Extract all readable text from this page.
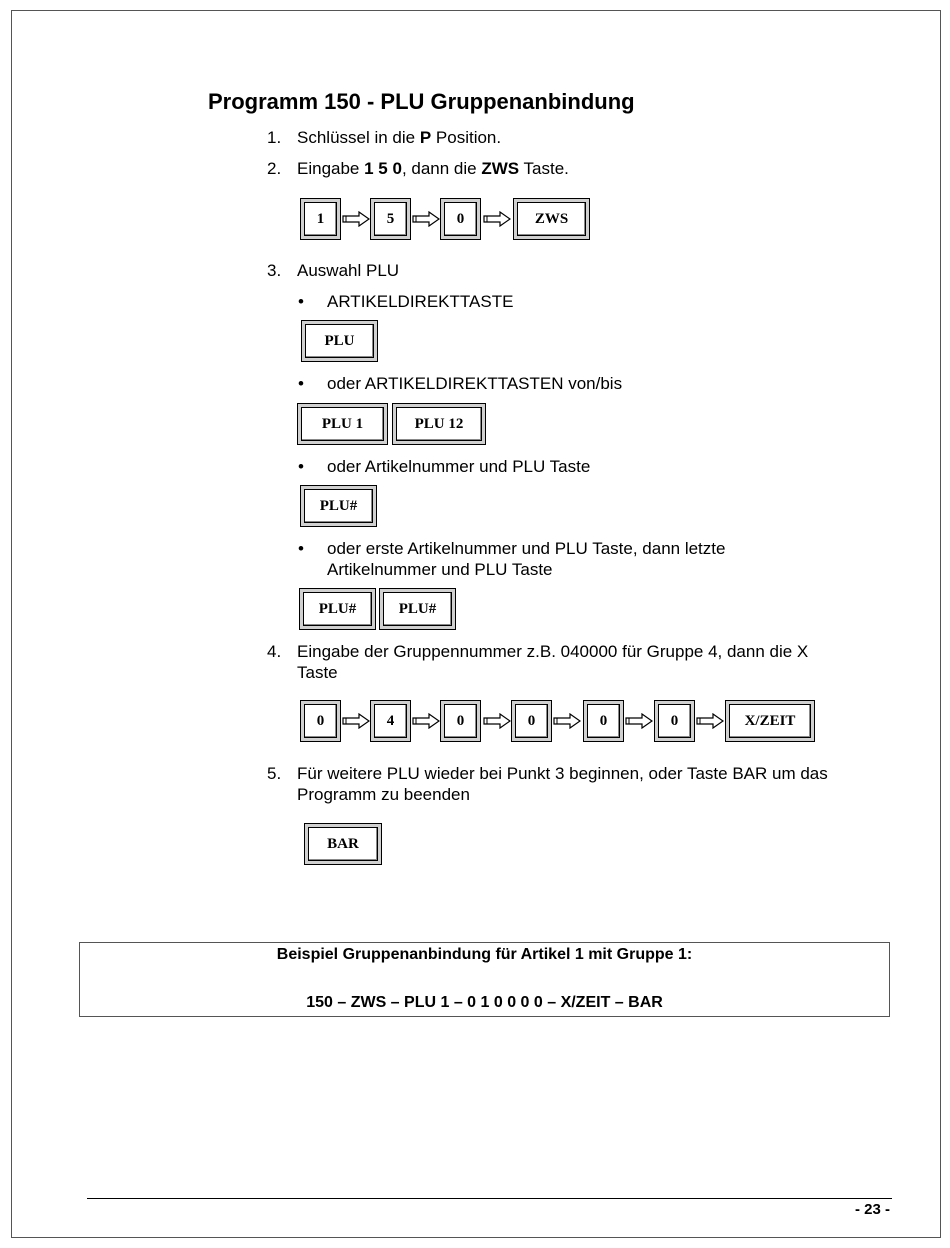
Programm 150 - PLU Gruppenanbindung
1. Schlüssel in die P Position.
2. Eingabe 1 5 0, dann die ZWS Taste.
1	5	0	ZWS
3. Auswahl PLU
• ARTIKELDIREKTTASTE
PLU
• oder ARTIKELDIREKTTASTEN von/bis
PLU 1	PLU 12
• oder Artikelnummer und PLU Taste
PLU#
• oder erste Artikelnummer und PLU Taste, dann letzte
Artikelnummer und PLU Taste
PLU#	PLU#
4. Eingabe der Gruppennummer z.B. 040000 für Gruppe 4, dann die X
Taste
0	4	0	0	0	0	X/ZEIT
5. Für weitere PLU wieder bei Punkt 3 beginnen, oder Taste BAR um das
Programm zu beenden
BAR
Beispiel Gruppenanbindung für Artikel 1 mit Gruppe 1:
150 – ZWS – PLU 1 – 0 1 0 0 0 0 – X/ZEIT – BAR
- 23 -
